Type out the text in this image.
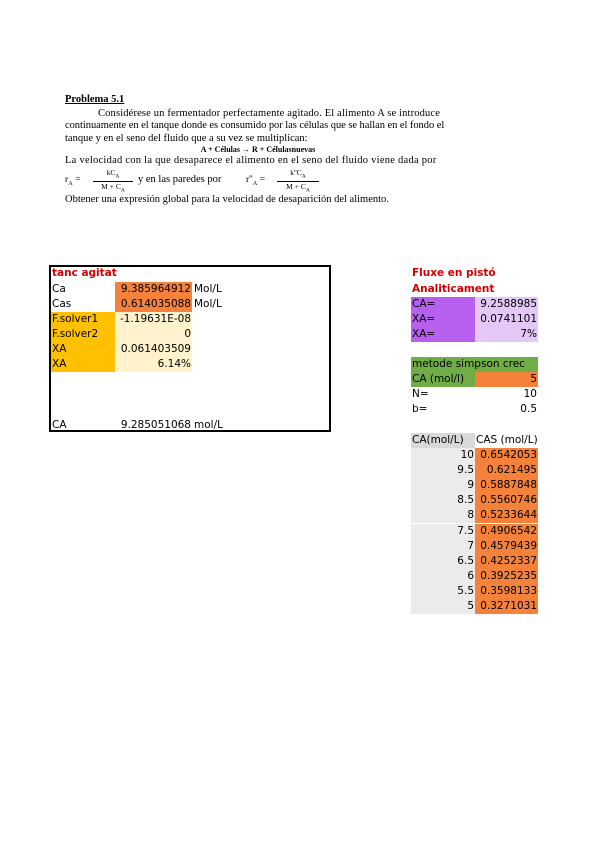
Problema 5.1
Considérese un fermentador perfectamente agitado. El alimento A se introduce
continuamente en el tanque donde es consumido por las células que se hallan en el fondo el
tanque y en el seno del fluido que a su vez se multiplican:
A + Células → R + Célulasnuevas
La velocidad con la que desaparece el alimento en el seno del fluido viene dada por
$r_A$ =
$kC_A$
$M + C_A$
y en las paredes por	$r''_A$ =
$k''C_A$
$M + C_A$
Obtener una expresión global para la velocidad de desaparición del alimento.
tanc agitat
Ca	9.385964912 Mol/L
Cas	0.614035088 Mol/L
F.solver1	-1.19631E-08
F.solver2	0
XA	0.061403509
XA	6.14%
CA	9.285051068 mol/L
Fluxe en pistó
Analiticament
CA=	9.2588985
XA=	0.0741101
XA=	7%
metode simpson crec
CA (mol/l)	5
N=	10
b=	0.5
CA(mol/L)	CAS (mol/L)
10 0.6542053
9.5	0.621495
9 0.5887848
8.5 0.5560746
8 0.5233644
7.5 0.4906542
7 0.4579439
6.5 0.4252337
6 0.3925235
5.5 0.3598133
5 0.3271031
